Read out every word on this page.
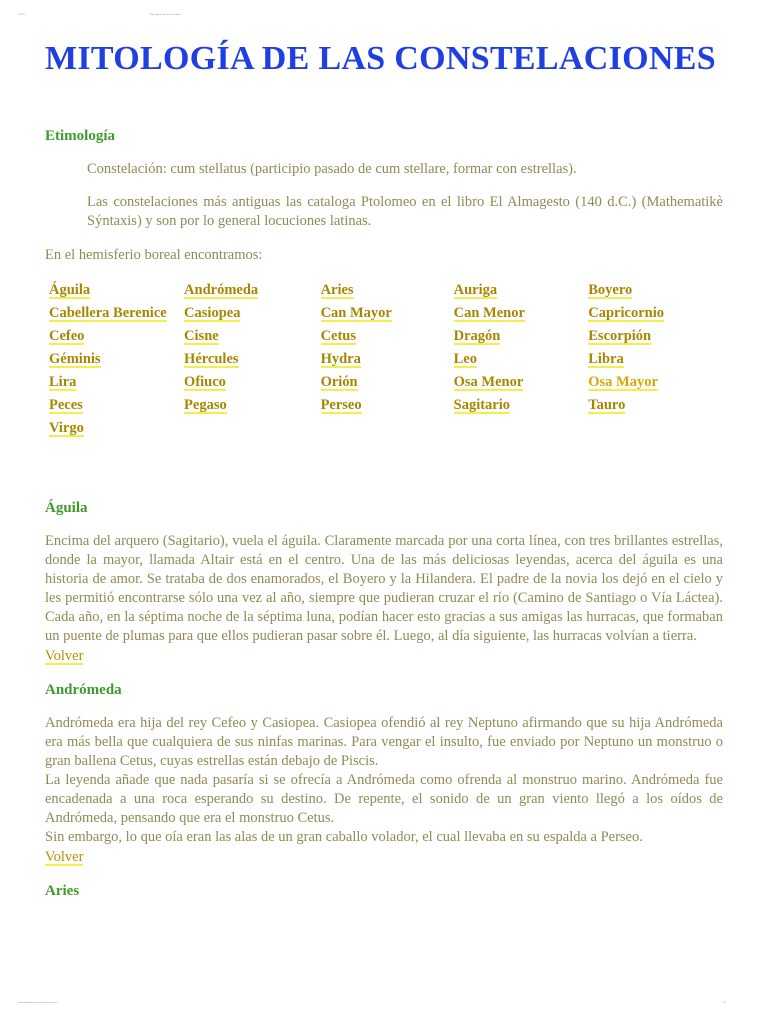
12/1/13	Mitología de las constelaciones
MITOLOGÍA DE LAS CONSTELACIONES
Etimología

Constelación: cum stellatus (participio pasado de cum stellare, formar con estrellas).

Las constelaciones más antiguas las cataloga Ptolomeo en el libro El Almagesto (140 d.C.) (Mathematikè Sýntaxis) y son por lo general locuciones latinas.

En el hemisferio boreal encontramos:

Águila	Andrómeda	Aries	Auriga	Boyero
Cabellera Berenice	Casiopea	Can Mayor	Can Menor	Capricornio
Cefeo	Cisne	Cetus	Dragón	Escorpión
Géminis	Hércules	Hydra	Leo	Libra
Lira	Ofiuco	Orión	Osa Menor	Osa Mayor
Peces	Pegaso	Perseo	Sagitario	Tauro
Virgo				
Águila

Encima del arquero (Sagitario), vuela el águila. Claramente marcada por una corta línea, con tres brillantes estrellas, donde la mayor, llamada Altair está en el centro. Una de las más deliciosas leyendas, acerca del águila es una historia de amor. Se trataba de dos enamorados, el Boyero y la Hilandera. El padre de la novia los dejó en el cielo y les permitió encontrarse sólo una vez al año, siempre que pudieran cruzar el río (Camino de Santiago o Vía Láctea). Cada año, en la séptima noche de la séptima luna, podían hacer esto gracias a sus amigas las hurracas, que formaban un puente de plumas para que ellos pudieran pasar sobre él. Luego, al día siguiente, las hurracas volvían a tierra.

Volver

Andrómeda

Andrómeda era hija del rey Cefeo y Casiopea. Casiopea ofendió al rey Neptuno afirmando que su hija Andrómeda era más bella que cualquiera de sus ninfas marinas. Para vengar el insulto, fue enviado por Neptuno un monstruo o gran ballena Cetus, cuyas estrellas están debajo de Piscis.

La leyenda añade que nada pasaría si se ofrecía a Andrómeda como ofrenda al monstruo marino. Andrómeda fue encadenada a una roca esperando su destino. De repente, el sonido de un gran viento llegó a los oídos de Andrómeda, pensando que era el monstruo Cetus.

Sin embargo, lo que oía eran las alas de un gran caballo volador, el cual llevaba en su espalda a Perseo.

Volver

Aries
www.mitologia.net/constelaciones.html	1/3
